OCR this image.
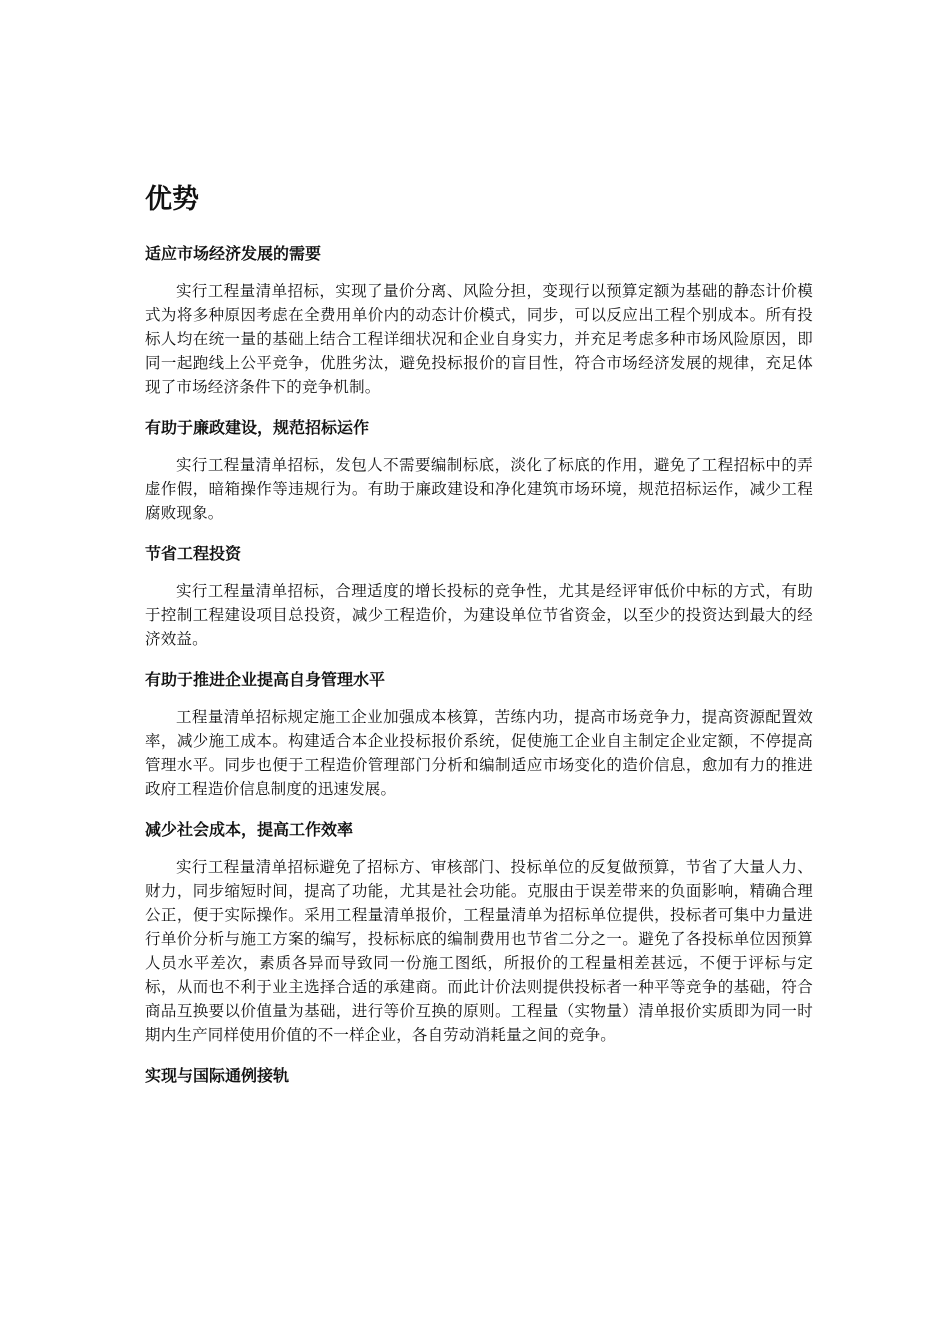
优势
适应市场经济发展的需要

实行工程量清单招标，实现了量价分离、风险分担，变现行以预算定额为基础的静态计价模式为将多种原因考虑在全费用单价内的动态计价模式，同步，可以反应出工程个别成本。所有投标人均在统一量的基础上结合工程详细状况和企业自身实力，并充足考虑多种市场风险原因，即同一起跑线上公平竞争，优胜劣汰，避免投标报价的盲目性，符合市场经济发展的规律，充足体现了市场经济条件下的竞争机制。

有助于廉政建设，规范招标运作

实行工程量清单招标，发包人不需要编制标底，淡化了标底的作用，避免了工程招标中的弄虚作假，暗箱操作等违规行为。有助于廉政建设和净化建筑市场环境，规范招标运作，减少工程腐败现象。

节省工程投资

实行工程量清单招标，合理适度的增长投标的竞争性，尤其是经评审低价中标的方式，有助于控制工程建设项目总投资，减少工程造价，为建设单位节省资金，以至少的投资达到最大的经济效益。

有助于推进企业提高自身管理水平

工程量清单招标规定施工企业加强成本核算，苦练内功，提高市场竞争力，提高资源配置效率，减少施工成本。构建适合本企业投标报价系统，促使施工企业自主制定企业定额，不停提高管理水平。同步也便于工程造价管理部门分析和编制适应市场变化的造价信息，愈加有力的推进政府工程造价信息制度的迅速发展。

减少社会成本，提高工作效率

实行工程量清单招标避免了招标方、审核部门、投标单位的反复做预算，节省了大量人力、财力，同步缩短时间，提高了功能，尤其是社会功能。克服由于误差带来的负面影响，精确合理公正，便于实际操作。采用工程量清单报价，工程量清单为招标单位提供，投标者可集中力量进行单价分析与施工方案的编写，投标标底的编制费用也节省二分之一。避免了各投标单位因预算人员水平差次，素质各异而导致同一份施工图纸，所报价的工程量相差甚远，不便于评标与定标，从而也不利于业主选择合适的承建商。而此计价法则提供投标者一种平等竞争的基础，符合商品互换要以价值量为基础，进行等价互换的原则。工程量（实物量）清单报价实质即为同一时期内生产同样使用价值的不一样企业，各自劳动消耗量之间的竞争。

实现与国际通例接轨
